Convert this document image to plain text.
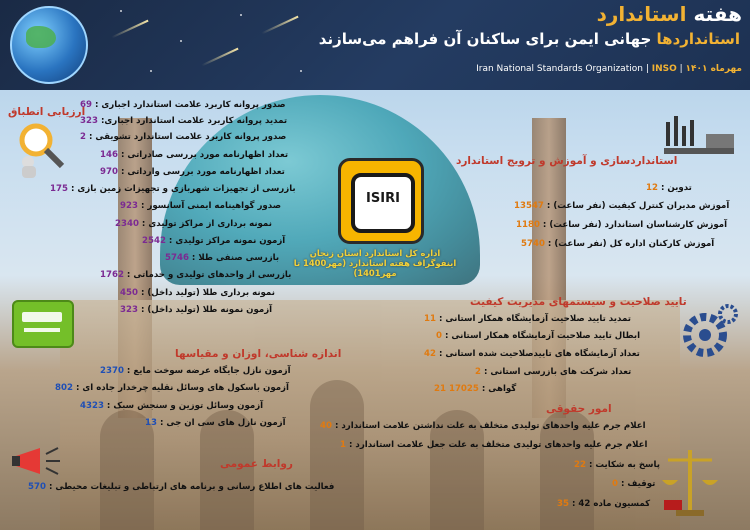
هفته استاندارد
استانداردها جهانی ایمن برای ساکنان آن فراهم می‌سازند
Iran National Standards Organization | INSO | مهرماه ۱۴۰۱
ISIRI
اداره کل استاندارد استان زنجان
اینفوگراف هفته استاندارد (مهر1400 تا مهر1401)
ارزیابی انطباق
صدور پروانه کاربرد علامت استاندارد اجباری : 69
تمدید پروانه کاربرد علامت استاندارد اجباری: 323
صدور پروانه کاربرد علامت استاندارد تشویقی : 2
تعداد اظهارنامه مورد بررسی صادراتی : 146
تعداد اظهارنامه مورد بررسی وارداتی : 970
بازرسی از تجهیزات شهربازی و تجهیزات زمین بازی : 175
صدور گواهینامه ایمنی آسانسور : 923
نمونه برداری از مراکز تولیدی : 2340
آزمون نمونه مراکز تولیدی : 2542
بازرسی صنفی طلا : 5746
بازرسی از واحدهای تولیدی و خدماتی : 1762
نمونه برداری طلا (تولید داخل) : 450
آزمون نمونه طلا (تولید داخل) : 323
اندازه شناسی، اوزان و مقیاسها
آزمون نازل جایگاه عرضه سوخت مایع : 2370
آزمون باسکول های وسائل نقلیه چرخدار جاده ای : 802
آزمون وسائل توزین و سنجش سبک : 4323
آزمون نازل های سی ان جی : 13
روابط عمومی
فعالیت های اطلاع رسانی و برنامه های ارتباطی و تبلیغات محیطی : 570
استانداردسازی و آموزش و ترویج استاندارد
تدوین : 12
آموزش مدیران کنترل کیفیت (نفر ساعت) : 13547
آموزش کارشناسان استاندارد (نفر ساعت) : 1180
آموزش کارکنان اداره کل (نفر ساعت) : 5740
تایید صلاحیت و سیستمهای مدیریت کیفیت
تمدید تایید صلاحیت آزمایشگاه همکار استانی : 11
ابطال تایید صلاحیت آزمایشگاه همکار استانی : 0
تعداد آزمایشگاه های تاییدصلاحیت شده استانی : 42
تعداد شرکت های بازرسی استانی : 2
گواهی : 17025 21
امور حقوقی
اعلام جرم علیه واحدهای تولیدی متخلف به علت نداشتن علامت استاندارد : 40
اعلام جرم علیه واحدهای تولیدی متخلف به علت جعل علامت استاندارد : 1
پاسخ به شکایت : 22
توقیف : 0
کمسیون ماده 42 : 35
